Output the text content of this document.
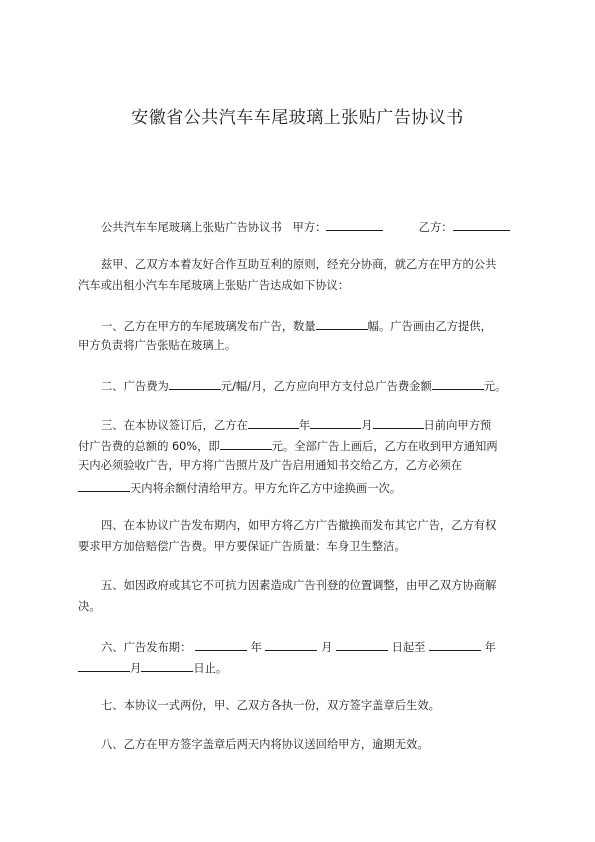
安徽省公共汽车车尾玻璃上张贴广告协议书
公共汽车车尾玻璃上张贴广告协议书 甲方：	乙方：
兹甲、乙双方本着友好合作互助互利的原则，经充分协商，就乙方在甲方的公共
汽车或出租小汽车车尾玻璃上张贴广告达成如下协议：
一、乙方在甲方的车尾玻璃发布广告，数量	幅。广告画由乙方提供，
甲方负责将广告张贴在玻璃上。
二、广告费为	元/幅/月，乙方应向甲方支付总广告费金额	元。
三、在本协议签订后，乙方在	年	月	日前向甲方预
付广告费的总额的 60%，即	元。全部广告上画后，乙方在收到甲方通知两
天内必须验收广告，甲方将广告照片及广告启用通知书交给乙方，乙方必须在
天内将余额付清给甲方。甲方允许乙方中途换画一次。
四、在本协议广告发布期内，如甲方将乙方广告撤换而发布其它广告，乙方有权
要求甲方加倍赔偿广告费。甲方要保证广告质量：车身卫生整洁。
五、如因政府或其它不可抗力因素造成广告刊登的位置调整，由甲乙双方协商解
决。
六、广告发布期：	年	月	日起至	年
月	日止。
七、本协议一式两份，甲、乙双方各执一份，双方签字盖章后生效。
八、乙方在甲方签字盖章后两天内将协议送回给甲方，逾期无效。
